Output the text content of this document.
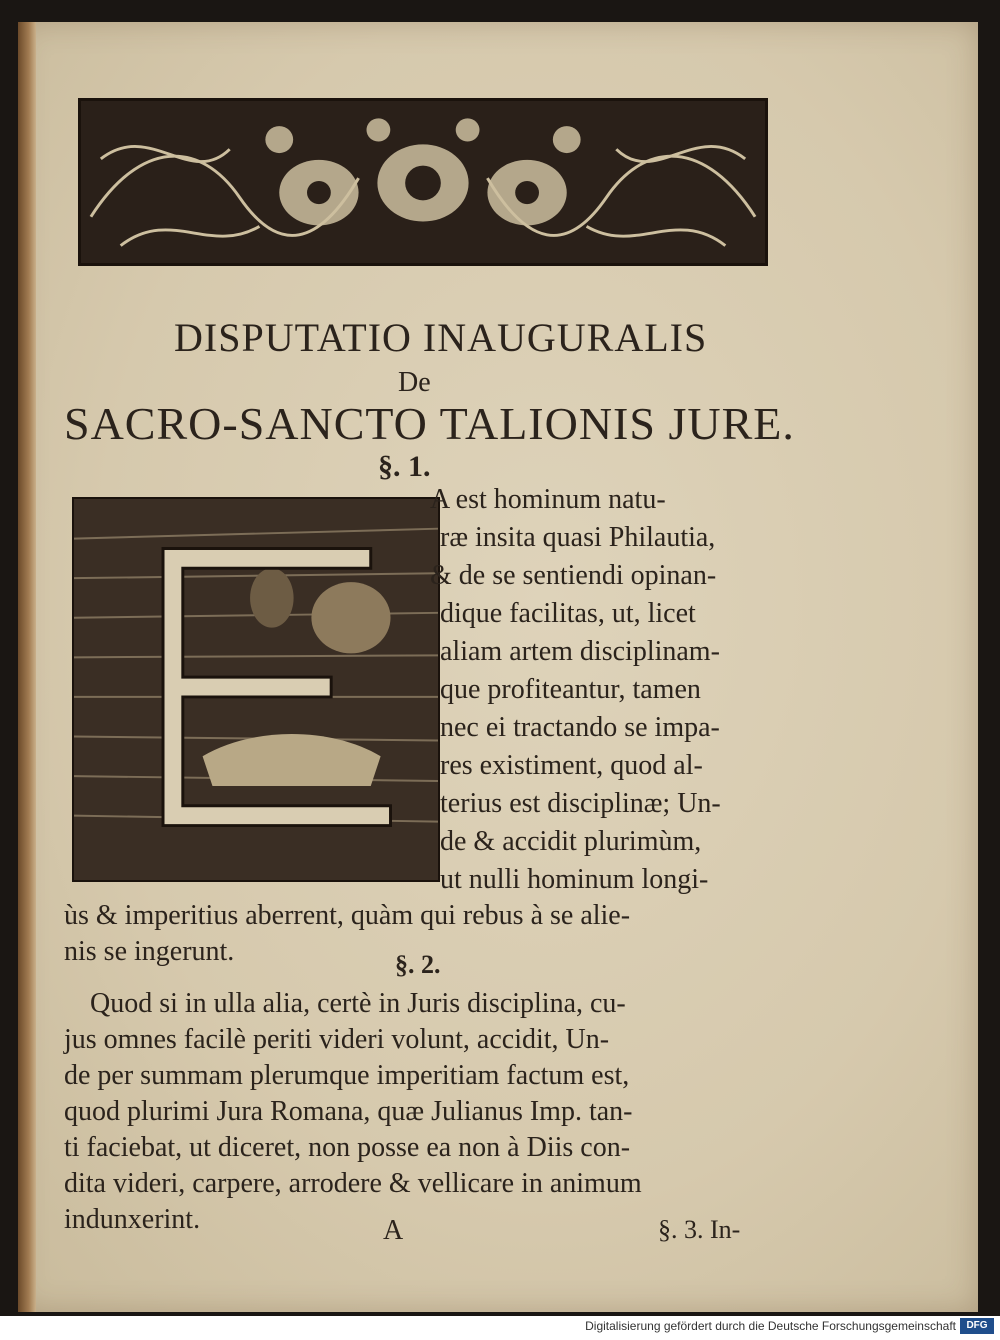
DISPUTATIO INAUGURALIS
De
SACRO-SANCTO TALIONIS JURE.
§. 1.
A est hominum natu-
ræ insita quasi Philautia,
& de se sentiendi opinan-
dique facilitas, ut, licet
aliam artem disciplinam-
que profiteantur, tamen
nec ei tractando se impa-
res existiment, quod al-
terius est disciplinæ; Un-
de & accidit plurimùm,
ut nulli hominum longi-
ùs & imperitius aberrent, quàm qui rebus à se alie-
nis se ingerunt.	§. 2.
Quod si in ulla alia, certè in Juris disciplina, cu-
jus omnes facilè periti videri volunt, accidit, Un-
de per summam plerumque imperitiam factum est,
quod plurimi Jura Romana, quæ Julianus Imp. tan-
ti faciebat, ut diceret, non posse ea non à Diis con-
dita videri, carpere, arrodere & vellicare in animum
indunxerint.	A	§. 3. In-
Digitalisierung gefördert durch die Deutsche Forschungsgemeinschaft	DFG
